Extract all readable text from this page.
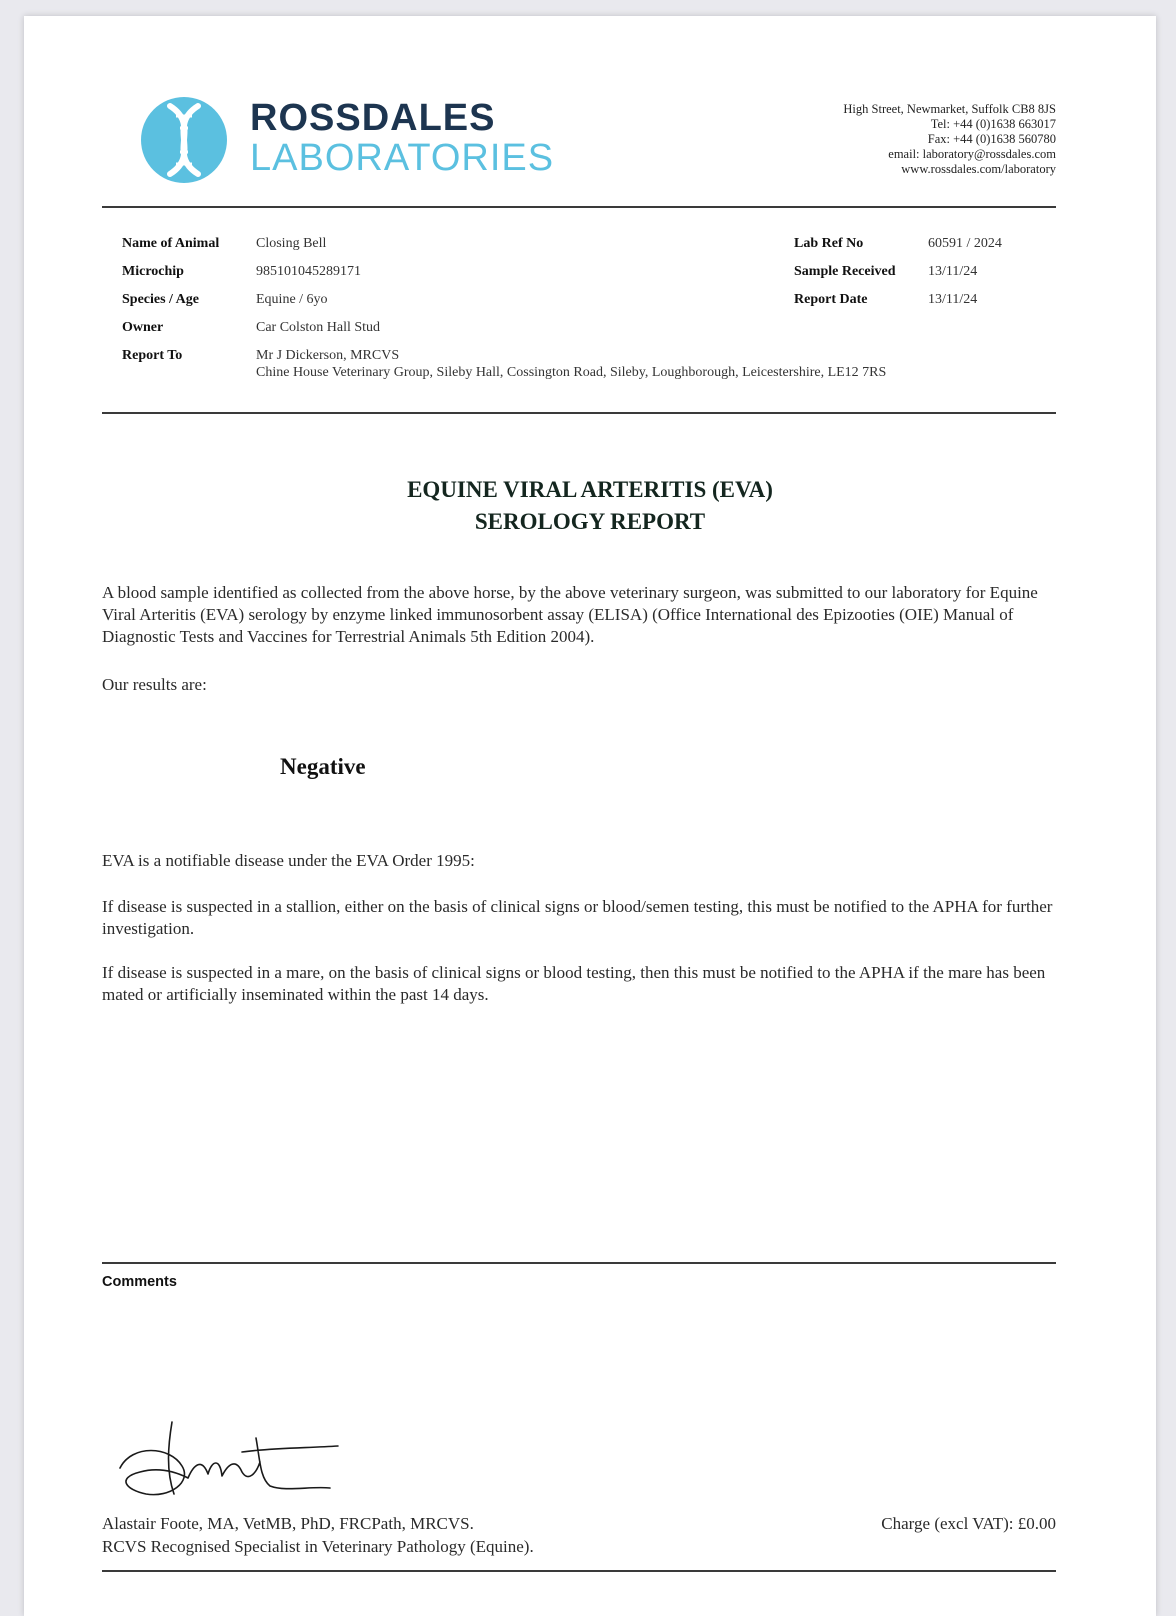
ROSSDALES
LABORATORIES
High Street, Newmarket, Suffolk CB8 8JS
Tel: +44 (0)1638 663017
Fax: +44 (0)1638 560780
email: laboratory@rossdales.com
www.rossdales.com/laboratory
Name of Animal	Closing Bell
Microchip	985101045289171
Species / Age	Equine / 6yo
Owner	Car Colston Hall Stud
Report To	Mr J Dickerson, MRCVS
Chine House Veterinary Group, Sileby Hall, Cossington Road, Sileby, Loughborough, Leicestershire, LE12 7RS
Lab Ref No	60591 / 2024
Sample Received 13/11/24
Report Date	13/11/24
EQUINE VIRAL ARTERITIS (EVA)
SEROLOGY REPORT
A blood sample identified as collected from the above horse, by the above veterinary surgeon, was submitted to our laboratory for Equine Viral Arteritis (EVA) serology by enzyme linked immunosorbent assay (ELISA) (Office International des Epizooties (OIE) Manual of Diagnostic Tests and Vaccines for Terrestrial Animals 5th Edition 2004).
Our results are:
Negative
EVA is a notifiable disease under the EVA Order 1995:
If disease is suspected in a stallion, either on the basis of clinical signs or blood/semen testing, this must be notified to the APHA for further investigation.
If disease is suspected in a mare, on the basis of clinical signs or blood testing, then this must be notified to the APHA if the mare has been mated or artificially inseminated within the past 14 days.
Comments
Alastair Foote, MA, VetMB, PhD, FRCPath, MRCVS.
RCVS Recognised Specialist in Veterinary Pathology (Equine).
Charge (excl VAT): £0.00
